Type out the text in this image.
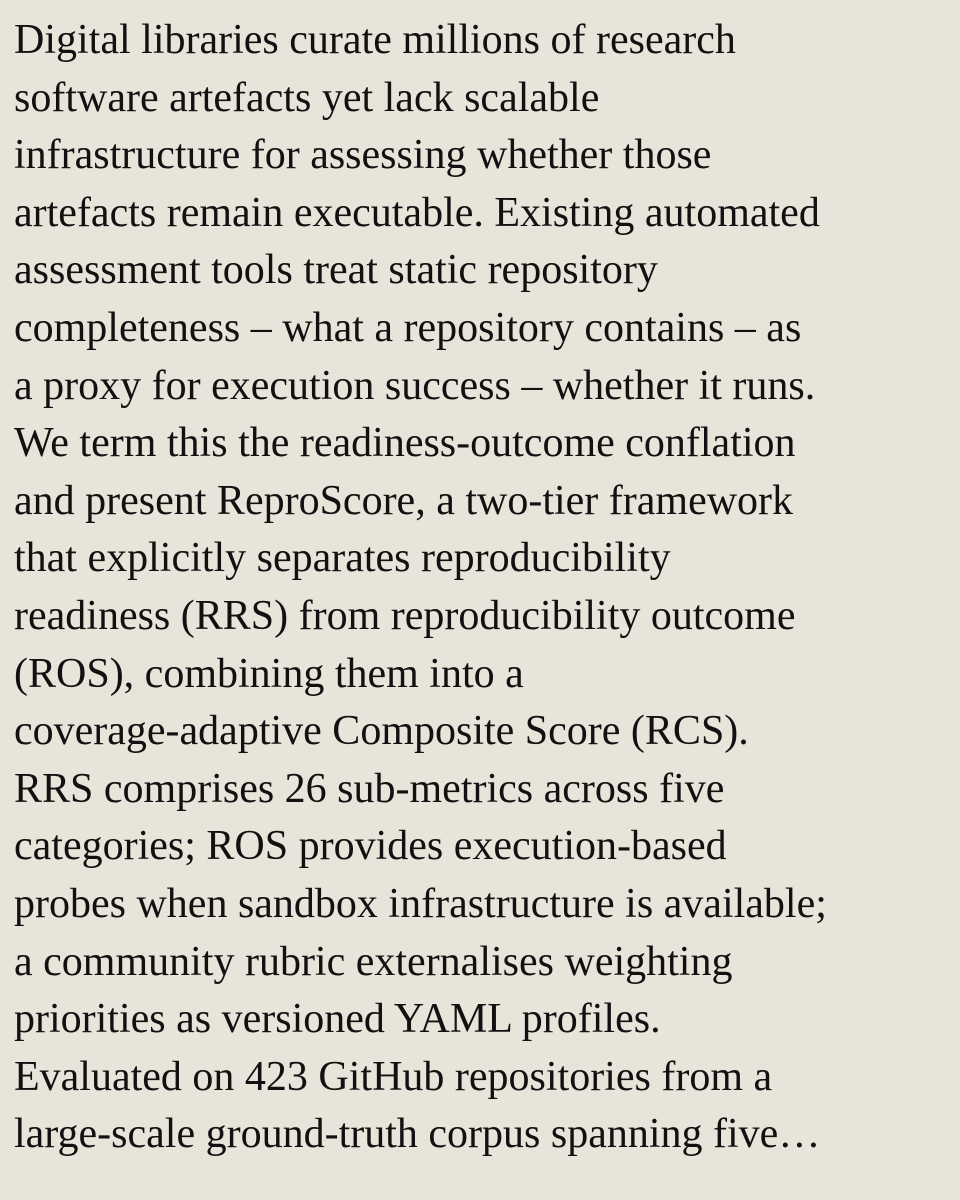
Digital libraries curate millions of research
software artefacts yet lack scalable
infrastructure for assessing whether those
artefacts remain executable. Existing automated
assessment tools treat static repository
completeness – what a repository contains – as
a proxy for execution success – whether it runs.
We term this the readiness-outcome conflation
and present ReproScore, a two-tier framework
that explicitly separates reproducibility
readiness (RRS) from reproducibility outcome
(ROS), combining them into a
coverage-adaptive Composite Score (RCS).
RRS comprises 26 sub-metrics across five
categories; ROS provides execution-based
probes when sandbox infrastructure is available;
a community rubric externalises weighting
priorities as versioned YAML profiles.
Evaluated on 423 GitHub repositories from a
large-scale ground-truth corpus spanning five…
